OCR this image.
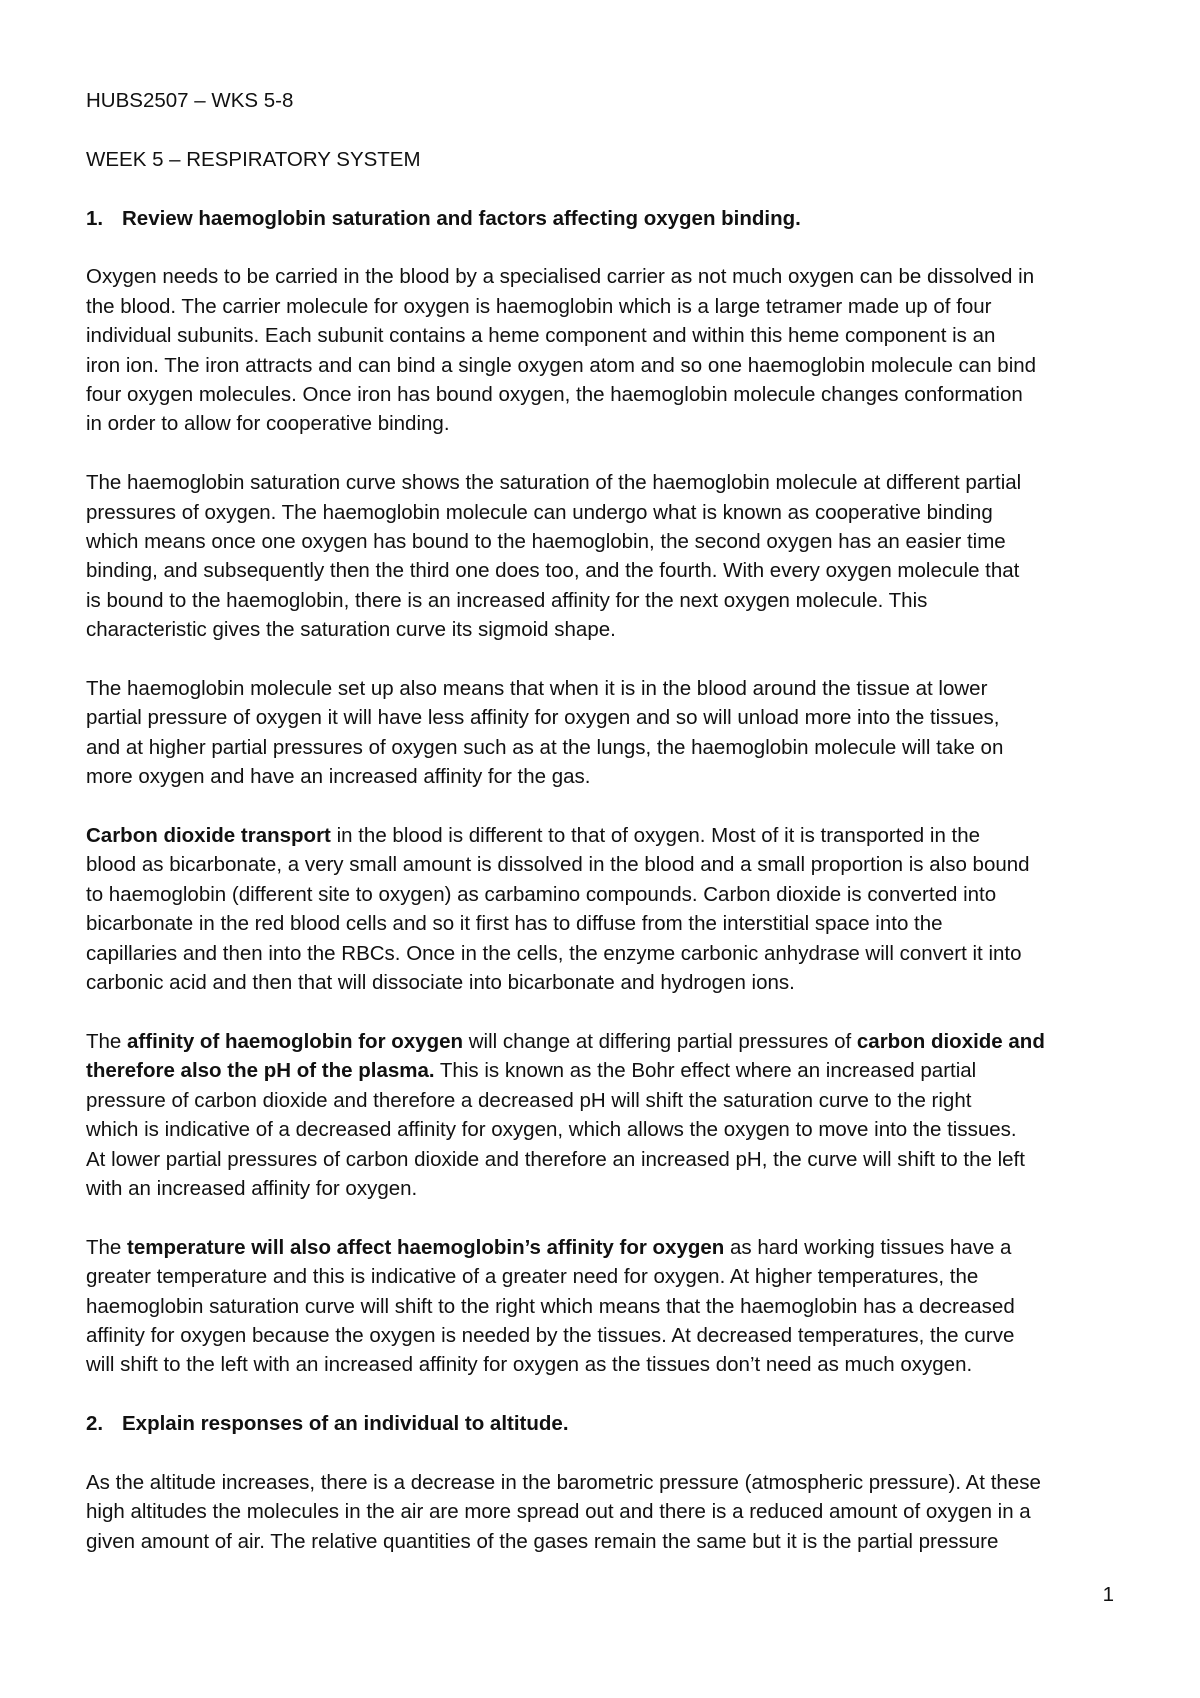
HUBS2507 – WKS 5-8
WEEK 5 – RESPIRATORY SYSTEM
1. Review haemoglobin saturation and factors affecting oxygen binding.
Oxygen needs to be carried in the blood by a specialised carrier as not much oxygen can be dissolved in
the blood. The carrier molecule for oxygen is haemoglobin which is a large tetramer made up of four
individual subunits. Each subunit contains a heme component and within this heme component is an
iron ion. The iron attracts and can bind a single oxygen atom and so one haemoglobin molecule can bind
four oxygen molecules. Once iron has bound oxygen, the haemoglobin molecule changes conformation
in order to allow for cooperative binding.
The haemoglobin saturation curve shows the saturation of the haemoglobin molecule at different partial
pressures of oxygen. The haemoglobin molecule can undergo what is known as cooperative binding
which means once one oxygen has bound to the haemoglobin, the second oxygen has an easier time
binding, and subsequently then the third one does too, and the fourth. With every oxygen molecule that
is bound to the haemoglobin, there is an increased affinity for the next oxygen molecule. This
characteristic gives the saturation curve its sigmoid shape.
The haemoglobin molecule set up also means that when it is in the blood around the tissue at lower
partial pressure of oxygen it will have less affinity for oxygen and so will unload more into the tissues,
and at higher partial pressures of oxygen such as at the lungs, the haemoglobin molecule will take on
more oxygen and have an increased affinity for the gas.
Carbon dioxide transport in the blood is different to that of oxygen. Most of it is transported in the
blood as bicarbonate, a very small amount is dissolved in the blood and a small proportion is also bound
to haemoglobin (different site to oxygen) as carbamino compounds. Carbon dioxide is converted into
bicarbonate in the red blood cells and so it first has to diffuse from the interstitial space into the
capillaries and then into the RBCs. Once in the cells, the enzyme carbonic anhydrase will convert it into
carbonic acid and then that will dissociate into bicarbonate and hydrogen ions.
The affinity of haemoglobin for oxygen will change at differing partial pressures of carbon dioxide and
therefore also the pH of the plasma. This is known as the Bohr effect where an increased partial
pressure of carbon dioxide and therefore a decreased pH will shift the saturation curve to the right
which is indicative of a decreased affinity for oxygen, which allows the oxygen to move into the tissues.
At lower partial pressures of carbon dioxide and therefore an increased pH, the curve will shift to the left
with an increased affinity for oxygen.
The temperature will also affect haemoglobin’s affinity for oxygen as hard working tissues have a
greater temperature and this is indicative of a greater need for oxygen. At higher temperatures, the
haemoglobin saturation curve will shift to the right which means that the haemoglobin has a decreased
affinity for oxygen because the oxygen is needed by the tissues. At decreased temperatures, the curve
will shift to the left with an increased affinity for oxygen as the tissues don’t need as much oxygen.
2. Explain responses of an individual to altitude.
As the altitude increases, there is a decrease in the barometric pressure (atmospheric pressure). At these
high altitudes the molecules in the air are more spread out and there is a reduced amount of oxygen in a
given amount of air. The relative quantities of the gases remain the same but it is the partial pressure
1
